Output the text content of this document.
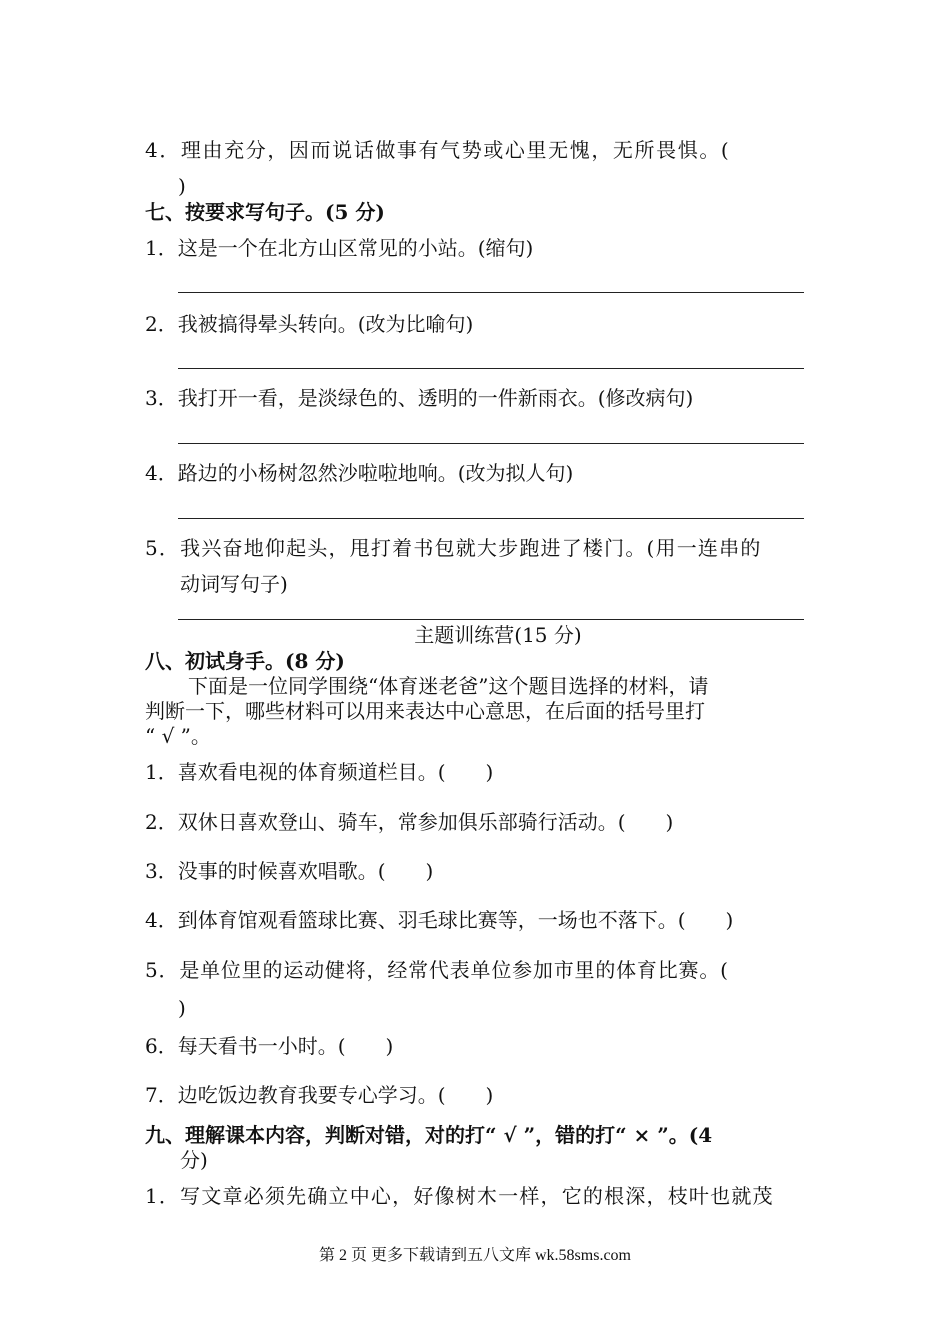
4．理由充分，因而说话做事有气势或心里无愧，无所畏惧。(
)
七、按要求写句子。(5 分)
1．这是一个在北方山区常见的小站。(缩句)
2．我被搞得晕头转向。(改为比喻句)
3．我打开一看，是淡绿色的、透明的一件新雨衣。(修改病句)
4．路边的小杨树忽然沙啦啦地响。(改为拟人句)
5．我兴奋地仰起头，甩打着书包就大步跑进了楼门。(用一连串的
动词写句子)
主题训练营(15 分)
八、初试身手。(8 分)
下面是一位同学围绕“体育迷老爸”这个题目选择的材料，请
判断一下，哪些材料可以用来表达中心意思，在后面的括号里打
“ √ ”。
1．喜欢看电视的体育频道栏目。(　　)
2．双休日喜欢登山、骑车，常参加俱乐部骑行活动。(　　)
3．没事的时候喜欢唱歌。(　　)
4．到体育馆观看篮球比赛、羽毛球比赛等，一场也不落下。(　　)
5．是单位里的运动健将，经常代表单位参加市里的体育比赛。(
)
6．每天看书一小时。(　　)
7．边吃饭边教育我要专心学习。(　　)
九、理解课本内容，判断对错，对的打“ √ ”，错的打“ × ”。(4
分)
1．写文章必须先确立中心，好像树木一样，它的根深，枝叶也就茂
第 2 页 更多下载请到五八文库 wk.58sms.com
